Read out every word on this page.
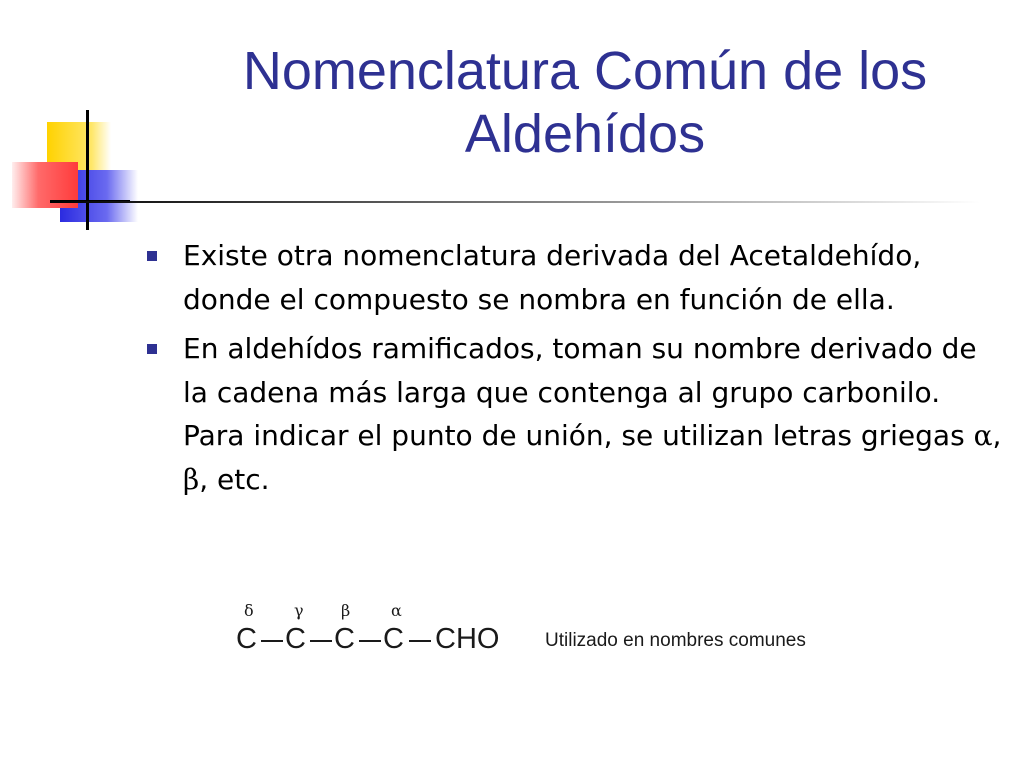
Nomenclatura Común de los
Aldehídos
Existe otra nomenclatura derivada del Acetaldehído, donde el compuesto se nombra en función de ella.
En aldehídos ramificados, toman su nombre derivado de la cadena más larga que contenga al grupo carbonilo. Para indicar el punto de unión, se utilizan letras griegas α, β, etc.
δ	γ β	α
C C C C CHO Utilizado en nombres comunes
